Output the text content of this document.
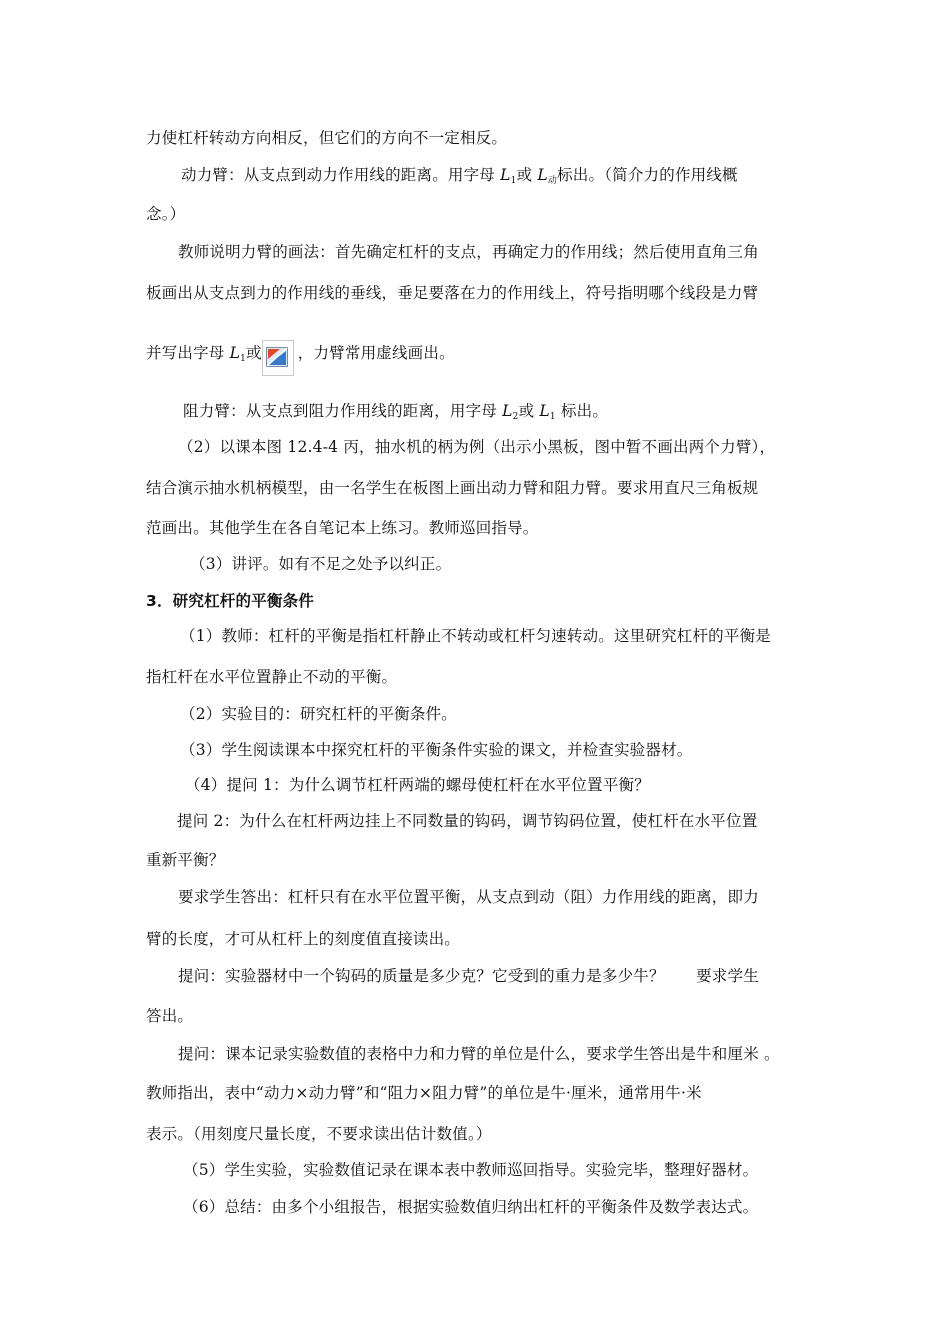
力使杠杆转动方向相反，但它们的方向不一定相反。
动力臂：从支点到动力作用线的距离。用字母 L1或 L动标出。（简介力的作用线概
念。）
教师说明力臂的画法：首先确定杠杆的支点，再确定力的作用线；然后使用直角三角
板画出从支点到力的作用线的垂线，垂足要落在力的作用线上，符号指明哪个线段是力臂
并写出字母 L1或 ，力臂常用虚线画出。
阻力臂：从支点到阻力作用线的距离，用字母 L2或 L1 标出。
（2）以课本图 12.4-4 丙，抽水机的柄为例（出示小黑板，图中暂不画出两个力臂），
结合演示抽水机柄模型，由一名学生在板图上画出动力臂和阻力臂。要求用直尺三角板规
范画出。其他学生在各自笔记本上练习。教师巡回指导。
（3）讲评。如有不足之处予以纠正。
3．研究杠杆的平衡条件
（1）教师：杠杆的平衡是指杠杆静止不转动或杠杆匀速转动。这里研究杠杆的平衡是
指杠杆在水平位置静止不动的平衡。
（2）实验目的：研究杠杆的平衡条件。
（3）学生阅读课本中探究杠杆的平衡条件实验的课文，并检查实验器材。
（4）提问 1：为什么调节杠杆两端的螺母使杠杆在水平位置平衡？
提问 2：为什么在杠杆两边挂上不同数量的钩码，调节钩码位置，使杠杆在水平位置
重新平衡？
要求学生答出：杠杆只有在水平位置平衡，从支点到动（阻）力作用线的距离，即力
臂的长度，才可从杠杆上的刻度值直接读出。
提问：实验器材中一个钩码的质量是多少克？它受到的重力是多少牛？　　要求学生
答出。
提问：课本记录实验数值的表格中力和力臂的单位是什么，要求学生答出是牛和厘米 。
教师指出，表中“动力×动力臂”和“阻力×阻力臂”的单位是牛·厘米，通常用牛·米
表示。（用刻度尺量长度，不要求读出估计数值。）
（5）学生实验，实验数值记录在课本表中教师巡回指导。实验完毕，整理好器材。
（6）总结：由多个小组报告，根据实验数值归纳出杠杆的平衡条件及数学表达式。
